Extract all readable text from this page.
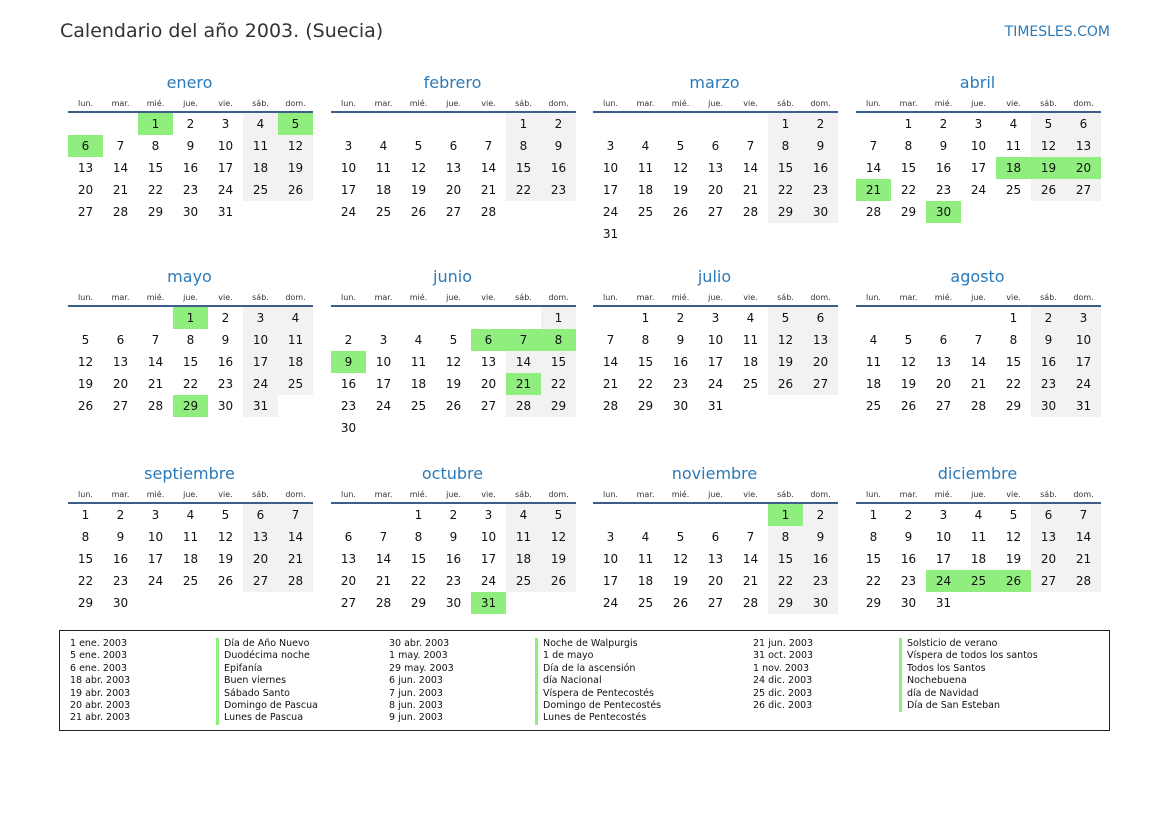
Calendario del año 2003. (Suecia)	TIMESLES.COM
enero
lun.	mar.	mié.	jue.	vie.	sáb.	dom.
		1	2	3	4	5
6	7	8	9	10	11	12
13	14	15	16	17	18	19
20	21	22	23	24	25	26
27	28	29	30	31		
febrero
lun.	mar.	mié.	jue.	vie.	sáb.	dom.
					1	2
3	4	5	6	7	8	9
10	11	12	13	14	15	16
17	18	19	20	21	22	23
24	25	26	27	28		
marzo
lun.	mar.	mié.	jue.	vie.	sáb.	dom.
					1	2
3	4	5	6	7	8	9
10	11	12	13	14	15	16
17	18	19	20	21	22	23
24	25	26	27	28	29	30
31						
abril
lun.	mar.	mié.	jue.	vie.	sáb.	dom.
	1	2	3	4	5	6
7	8	9	10	11	12	13
14	15	16	17	18	19	20
21	22	23	24	25	26	27
28	29	30				
mayo
lun.	mar.	mié.	jue.	vie.	sáb.	dom.
			1	2	3	4
5	6	7	8	9	10	11
12	13	14	15	16	17	18
19	20	21	22	23	24	25
26	27	28	29	30	31	
junio
lun.	mar.	mié.	jue.	vie.	sáb.	dom.
						1
2	3	4	5	6	7	8
9	10	11	12	13	14	15
16	17	18	19	20	21	22
23	24	25	26	27	28	29
30						
julio
lun.	mar.	mié.	jue.	vie.	sáb.	dom.
	1	2	3	4	5	6
7	8	9	10	11	12	13
14	15	16	17	18	19	20
21	22	23	24	25	26	27
28	29	30	31			
agosto
lun.	mar.	mié.	jue.	vie.	sáb.	dom.
				1	2	3
4	5	6	7	8	9	10
11	12	13	14	15	16	17
18	19	20	21	22	23	24
25	26	27	28	29	30	31
septiembre
lun.	mar.	mié.	jue.	vie.	sáb.	dom.
1	2	3	4	5	6	7
8	9	10	11	12	13	14
15	16	17	18	19	20	21
22	23	24	25	26	27	28
29	30					
octubre
lun.	mar.	mié.	jue.	vie.	sáb.	dom.
		1	2	3	4	5
6	7	8	9	10	11	12
13	14	15	16	17	18	19
20	21	22	23	24	25	26
27	28	29	30	31		
noviembre
lun.	mar.	mié.	jue.	vie.	sáb.	dom.
					1	2
3	4	5	6	7	8	9
10	11	12	13	14	15	16
17	18	19	20	21	22	23
24	25	26	27	28	29	30
diciembre
lun.	mar.	mié.	jue.	vie.	sáb.	dom.
1	2	3	4	5	6	7
8	9	10	11	12	13	14
15	16	17	18	19	20	21
22	23	24	25	26	27	28
29	30	31				
1 ene. 2003	Día de Año Nuevo
5 ene. 2003	Duodécima noche
6 ene. 2003	Epifanía
18 abr. 2003	Buen viernes
19 abr. 2003	Sábado Santo
20 abr. 2003	Domingo de Pascua
21 abr. 2003	Lunes de Pascua
30 abr. 2003	Noche de Walpurgis
1 may. 2003	1 de mayo
29 may. 2003	Día de la ascensión
6 jun. 2003	día Nacional
7 jun. 2003	Víspera de Pentecostés
8 jun. 2003	Domingo de Pentecostés
9 jun. 2003	Lunes de Pentecostés
21 jun. 2003	Solsticio de verano
31 oct. 2003	Víspera de todos los santos
1 nov. 2003	Todos los Santos
24 dic. 2003	Nochebuena
25 dic. 2003	día de Navidad
26 dic. 2003	Día de San Esteban
